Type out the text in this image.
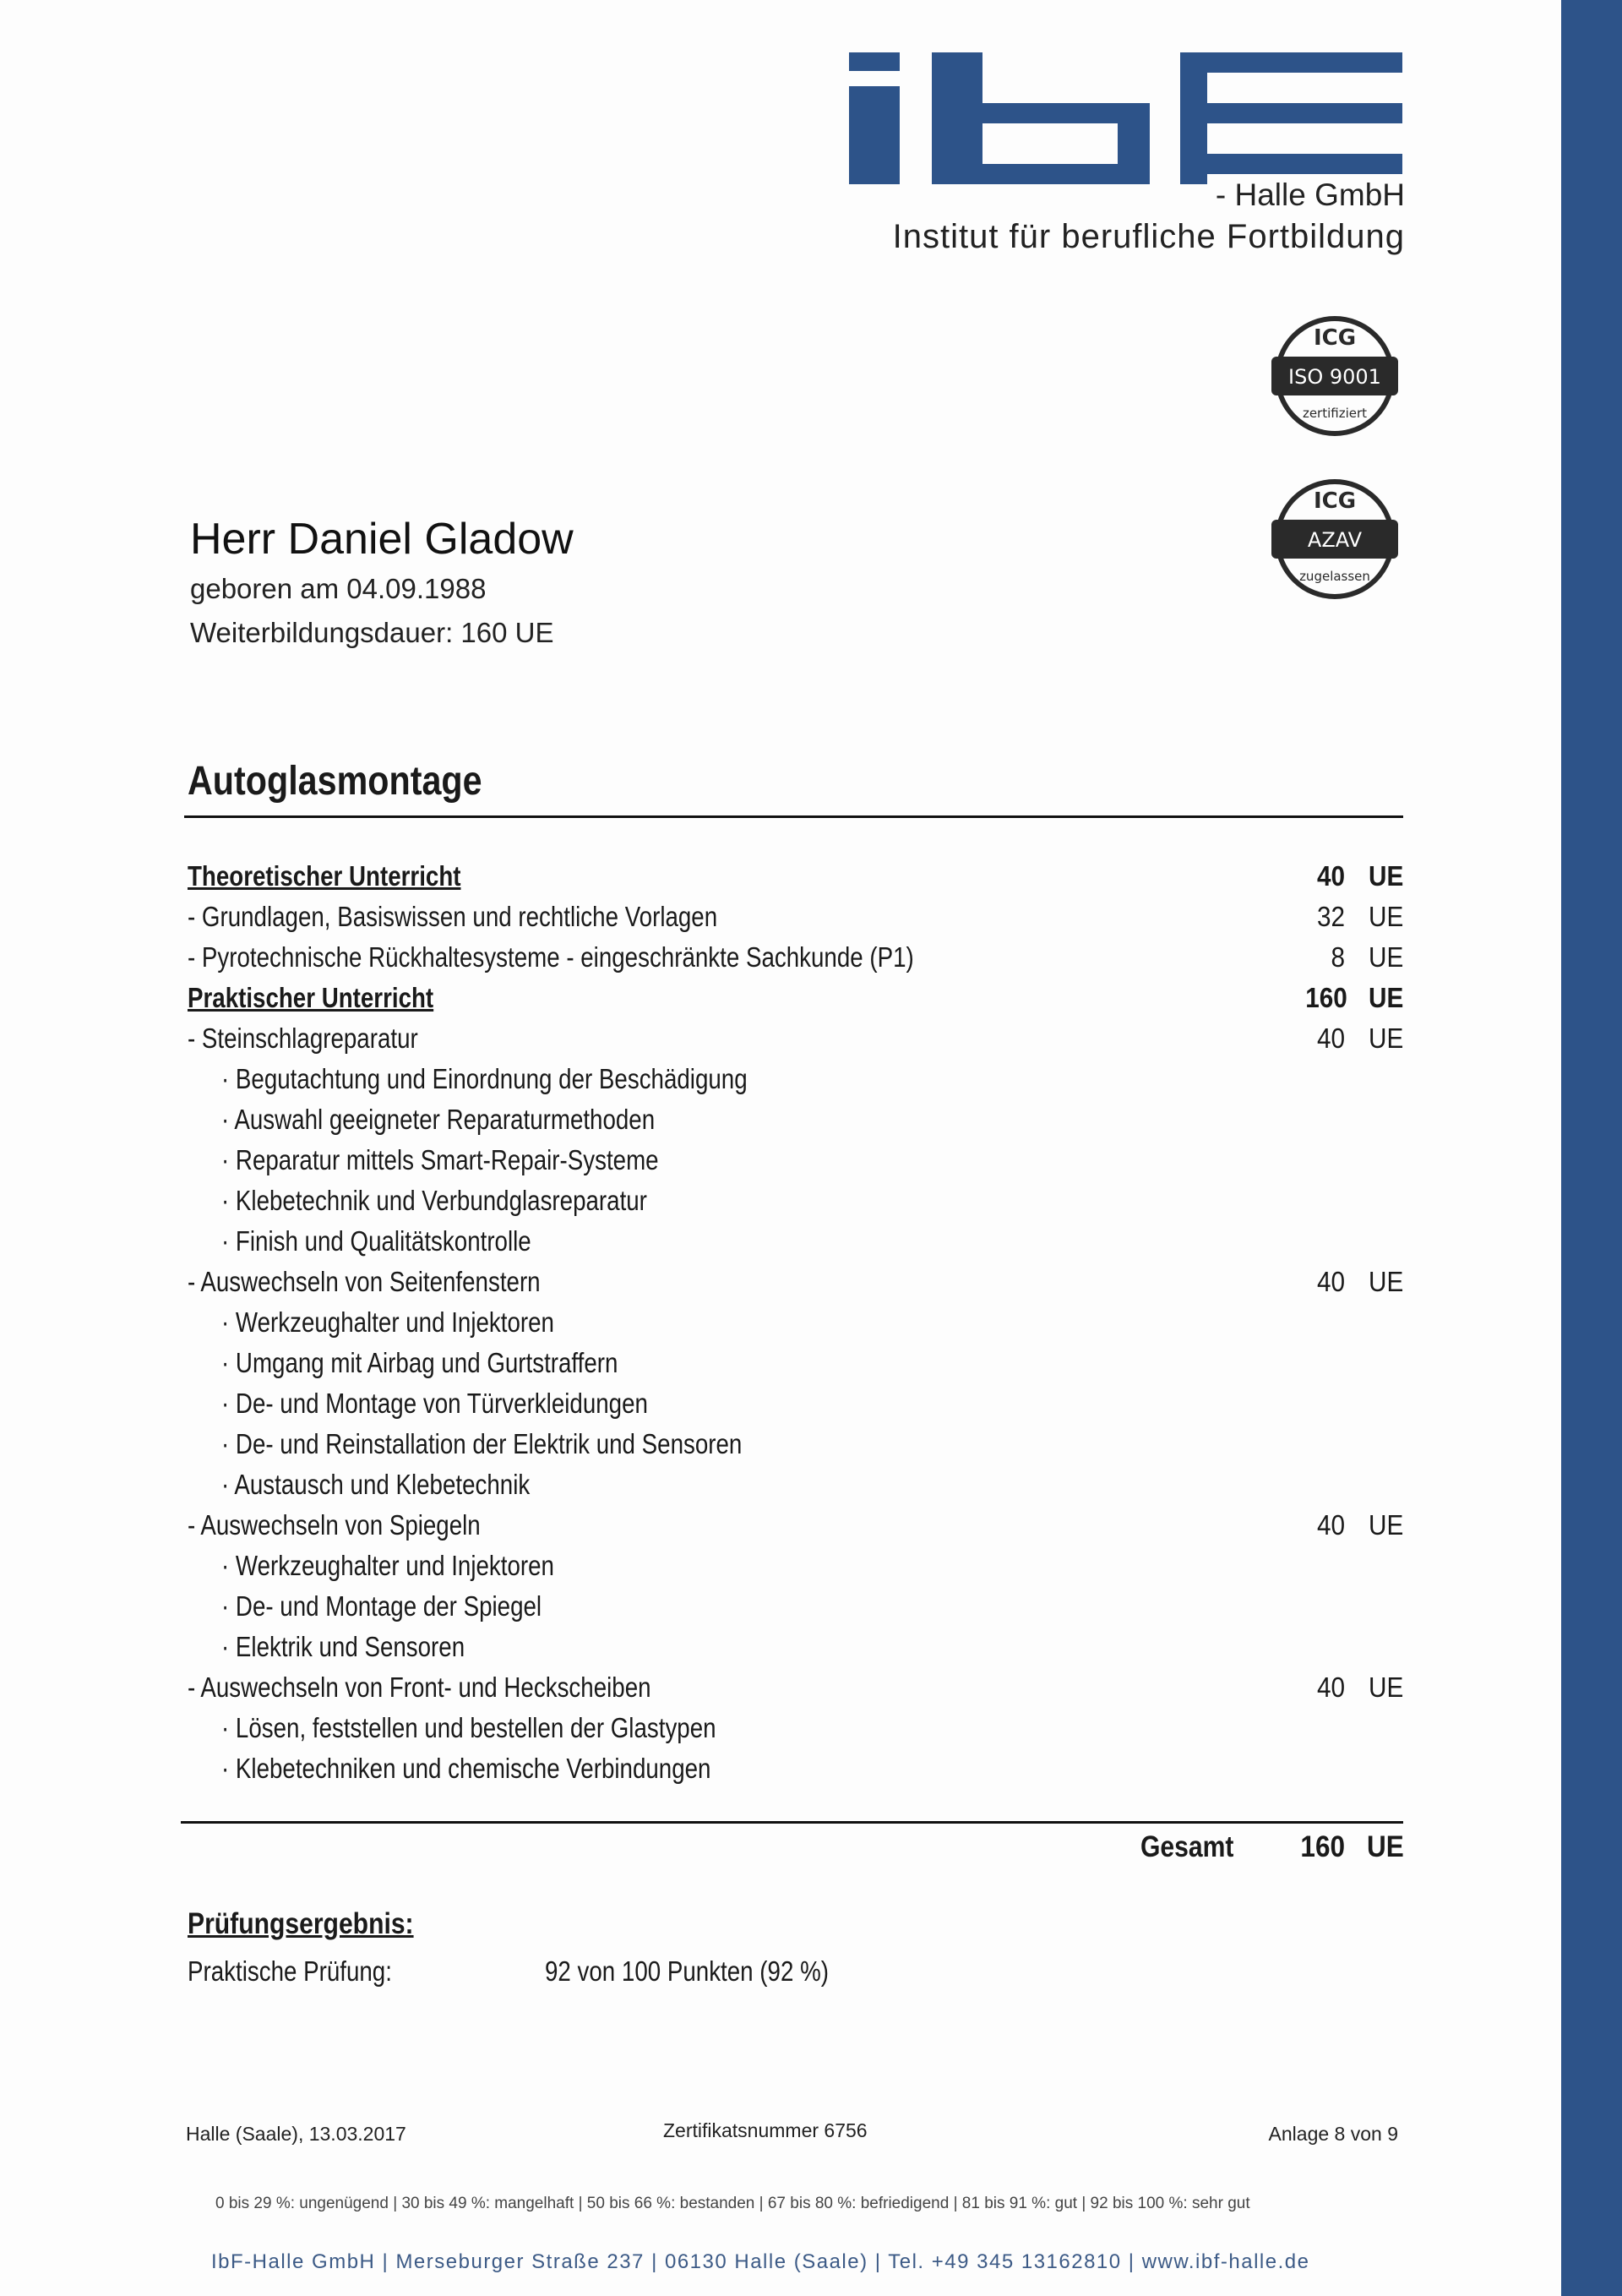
- Halle GmbH
Institut für berufliche Fortbildung
ICG
ISO 9001
zertifiziert
ICG
AZAV
zugelassen
Herr Daniel Gladow
geboren am 04.09.1988
Weiterbildungsdauer: 160 UE
Autoglasmontage
Theoretischer Unterricht	40 UE
- Grundlagen, Basiswissen und rechtliche Vorlagen	32 UE
- Pyrotechnische Rückhaltesysteme - eingeschränkte Sachkunde (P1)	8 UE
Praktischer Unterricht	160 UE
- Steinschlagreparatur	40 UE
· Begutachtung und Einordnung der Beschädigung
· Auswahl geeigneter Reparaturmethoden
· Reparatur mittels Smart-Repair-Systeme
· Klebetechnik und Verbundglasreparatur
· Finish und Qualitätskontrolle
- Auswechseln von Seitenfenstern	40 UE
· Werkzeughalter und Injektoren
· Umgang mit Airbag und Gurtstraffern
· De- und Montage von Türverkleidungen
· De- und Reinstallation der Elektrik und Sensoren
· Austausch und Klebetechnik
- Auswechseln von Spiegeln	40 UE
· Werkzeughalter und Injektoren
· De- und Montage der Spiegel
· Elektrik und Sensoren
- Auswechseln von Front- und Heckscheiben	40 UE
· Lösen, feststellen und bestellen der Glastypen
· Klebetechniken und chemische Verbindungen
Gesamt 160 UE
Prüfungsergebnis:
Praktische Prüfung:	92 von 100 Punkten (92 %)
Halle (Saale), 13.03.2017	Zertifikatsnummer 6756	Anlage 8 von 9
0 bis 29 %: ungenügend | 30 bis 49 %: mangelhaft | 50 bis 66 %: bestanden | 67 bis 80 %: befriedigend | 81 bis 91 %: gut | 92 bis 100 %: sehr gut
IbF-Halle GmbH | Merseburger Straße 237 | 06130 Halle (Saale) | Tel. +49 345 13162810 | www.ibf-halle.de
